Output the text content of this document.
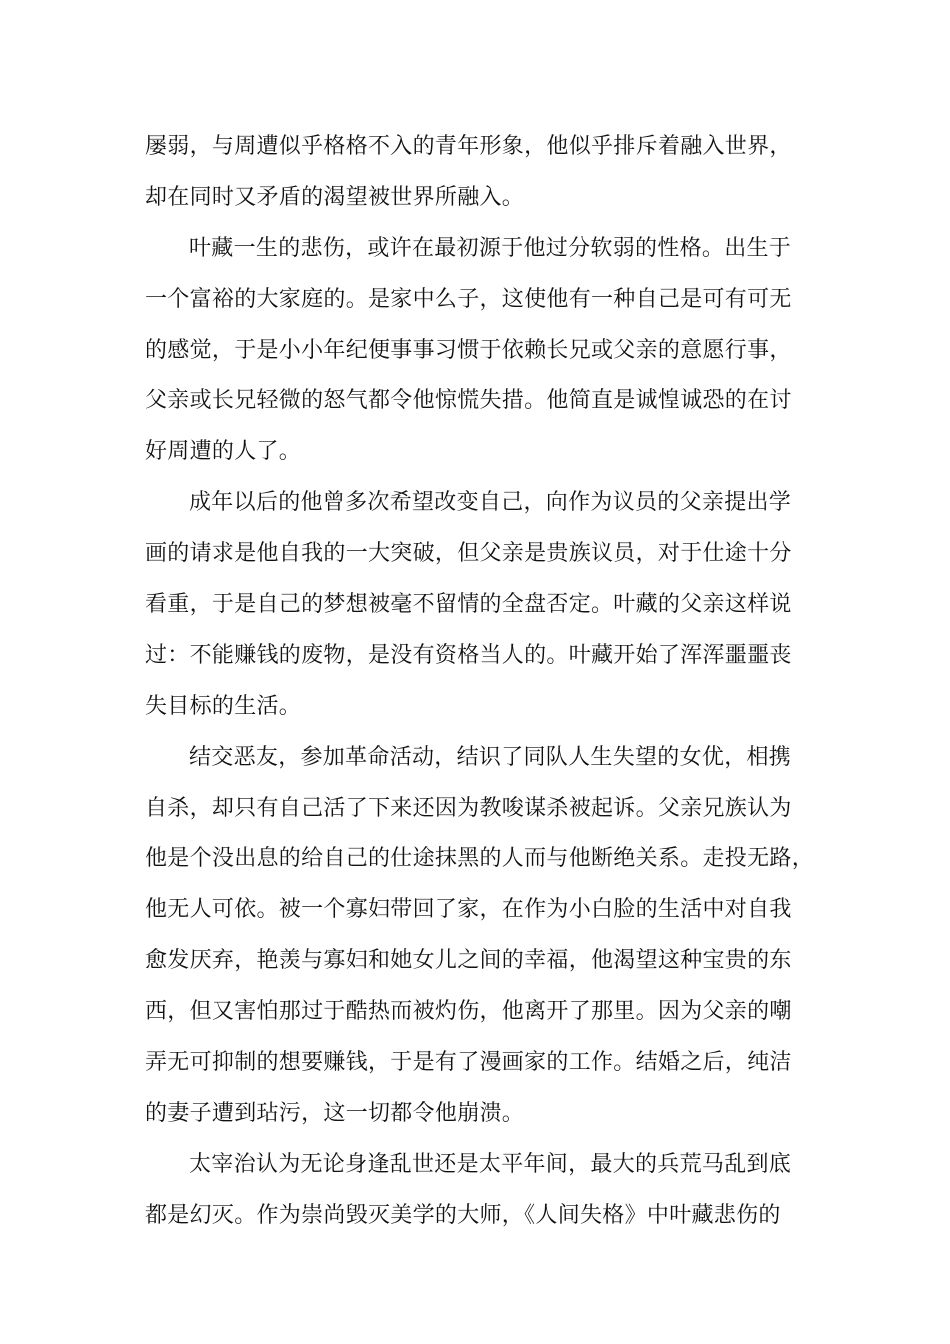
屡弱，与周遭似乎格格不入的青年形象，他似乎排斥着融入世界，
却在同时又矛盾的渴望被世界所融入。
叶藏一生的悲伤，或许在最初源于他过分软弱的性格。出生于
一个富裕的大家庭的。是家中么子，这使他有一种自己是可有可无
的感觉，于是小小年纪便事事习惯于依赖长兄或父亲的意愿行事，
父亲或长兄轻微的怒气都令他惊慌失措。他简直是诚惶诚恐的在讨
好周遭的人了。
成年以后的他曾多次希望改变自己，向作为议员的父亲提出学
画的请求是他自我的一大突破，但父亲是贵族议员，对于仕途十分
看重，于是自己的梦想被毫不留情的全盘否定。叶藏的父亲这样说
过：不能赚钱的废物，是没有资格当人的。叶藏开始了浑浑噩噩丧
失目标的生活。
结交恶友，参加革命活动，结识了同队人生失望的女优，相携
自杀，却只有自己活了下来还因为教唆谋杀被起诉。父亲兄族认为
他是个没出息的给自己的仕途抹黑的人而与他断绝关系。走投无路，
他无人可依。被一个寡妇带回了家，在作为小白脸的生活中对自我
愈发厌弃，艳羡与寡妇和她女儿之间的幸福，他渴望这种宝贵的东
西，但又害怕那过于酷热而被灼伤，他离开了那里。因为父亲的嘲
弄无可抑制的想要赚钱，于是有了漫画家的工作。结婚之后，纯洁
的妻子遭到玷污，这一切都令他崩溃。
太宰治认为无论身逢乱世还是太平年间，最大的兵荒马乱到底
都是幻灭。作为崇尚毁灭美学的大师，《人间失格》中叶藏悲伤的
